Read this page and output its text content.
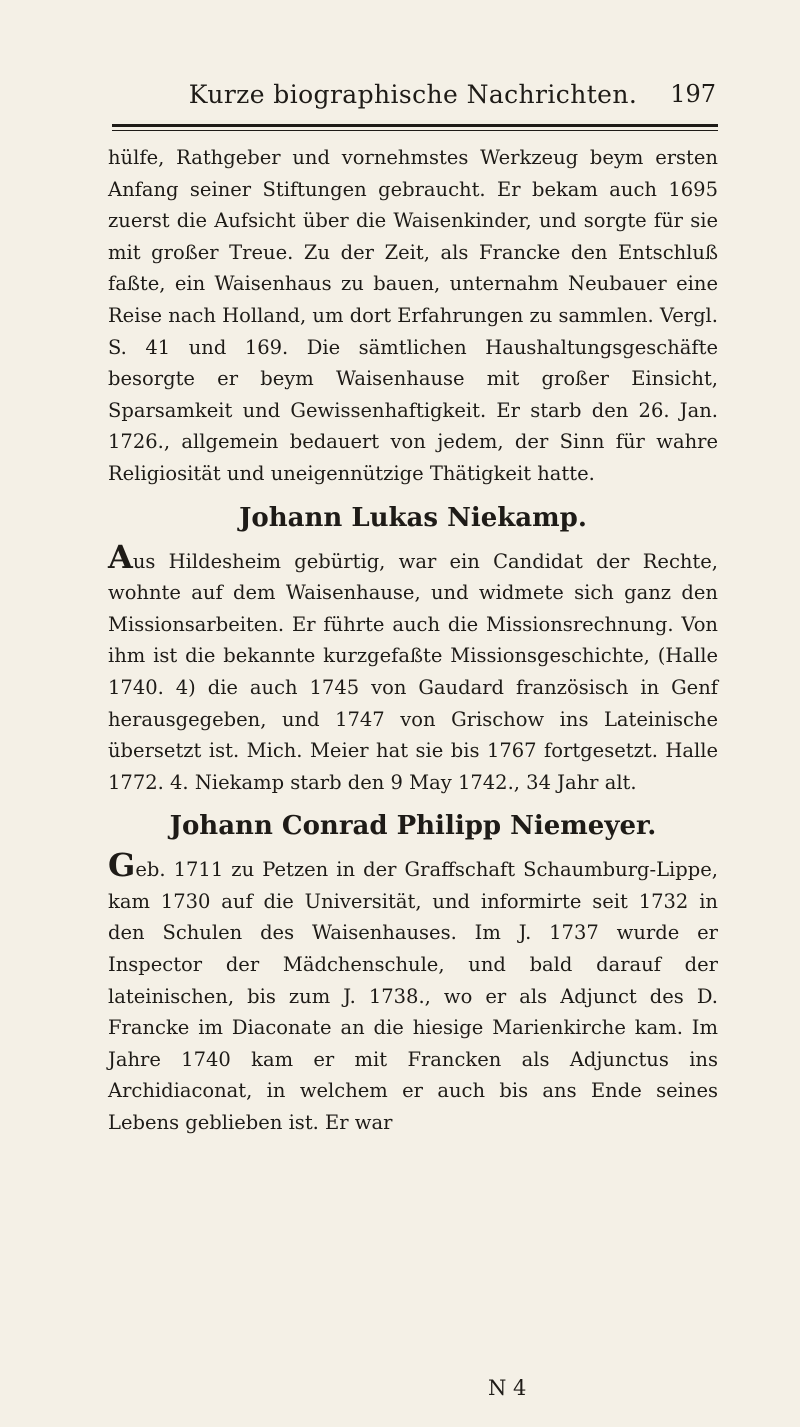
Kurze biographische Nachrichten. 197

hülfe, Rathgeber und vornehmstes Werkzeug beym ersten Anfang seiner Stiftungen gebraucht. Er bekam auch 1695 zuerst die Aufsicht über die Waisenkinder, und sorgte für sie mit großer Treue. Zu der Zeit, als Francke den Entschluß faßte, ein Waisenhaus zu bauen, unternahm Neubauer eine Reise nach Holland, um dort Erfahrungen zu sammlen. Vergl. S. 41 und 169. Die sämtlichen Haushaltungsgeschäfte besorgte er beym Waisenhause mit großer Einsicht, Sparsamkeit und Gewissenhaftigkeit. Er starb den 26. Jan. 1726., allgemein bedauert von jedem, der Sinn für wahre Religiosität und uneigennützige Thätigkeit hatte.

Johann Lukas Niekamp.

Aus Hildesheim gebürtig, war ein Candidat der Rechte, wohnte auf dem Waisenhause, und widmete sich ganz den Missionsarbeiten. Er führte auch die Missionsrechnung. Von ihm ist die bekannte kurzgefaßte Missionsgeschichte, (Halle 1740. 4) die auch 1745 von Gaudard französisch in Genf herausgegeben, und 1747 von Grischow ins Lateinische übersetzt ist. Mich. Meier hat sie bis 1767 fortgesetzt. Halle 1772. 4. Niekamp starb den 9 May 1742., 34 Jahr alt.

Johann Conrad Philipp Niemeyer.

Geb. 1711 zu Petzen in der Graffschaft Schaumburg-Lippe, kam 1730 auf die Universität, und informirte seit 1732 in den Schulen des Waisenhauses. Im J. 1737 wurde er Inspector der Mädchenschule, und bald darauf der lateinischen, bis zum J. 1738., wo er als Adjunct des D. Francke im Diaconate an die hiesige Marienkirche kam. Im Jahre 1740 kam er mit Francken als Adjunctus ins Archidiaconat, in welchem er auch bis ans Ende seines Lebens geblieben ist. Er war

N 4
